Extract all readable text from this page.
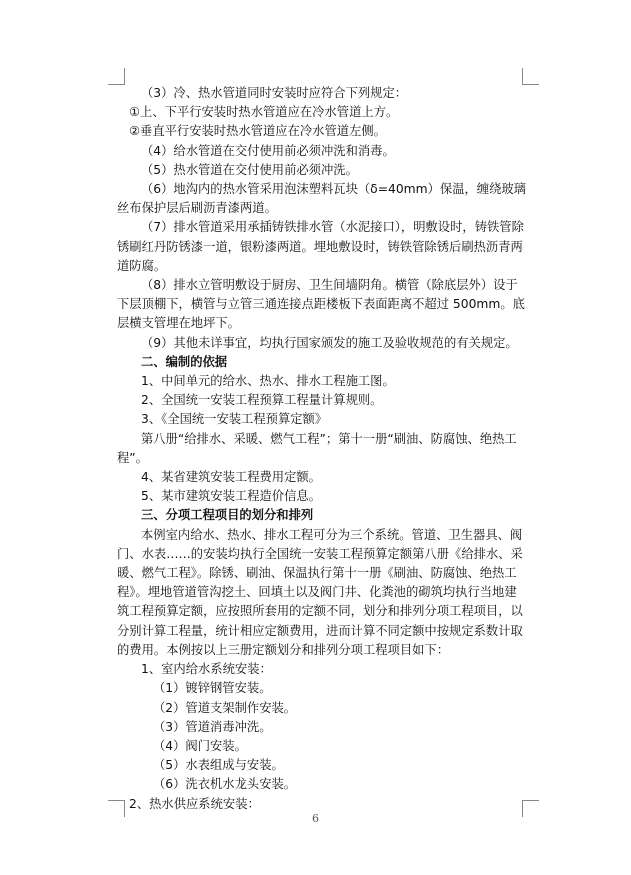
（3）冷、热水管道同时安装时应符合下列规定：

①上、下平行安装时热水管道应在冷水管道上方。

②垂直平行安装时热水管道应在冷水管道左侧。

（4）给水管道在交付使用前必须冲洗和消毒。

（5）热水管道在交付使用前必须冲洗。

（6）地沟内的热水管采用泡沫塑料瓦块（δ=40mm）保温，缠绕玻璃丝布保护层后刷沥青漆两道。

（7）排水管道采用承插铸铁排水管（水泥接口），明敷设时，铸铁管除锈刷红丹防锈漆一道，银粉漆两道。埋地敷设时，铸铁管除锈后刷热沥青两道防腐。

（8）排水立管明敷设于厨房、卫生间墙阴角。横管（除底层外）设于下层顶棚下，横管与立管三通连接点距楼板下表面距离不超过 500mm。底层横支管埋在地坪下。

（9）其他未详事宜，均执行国家颁发的施工及验收规范的有关规定。

二、编制的依据

1、中间单元的给水、热水、排水工程施工图。

2、全国统一安装工程预算工程量计算规则。

3、《全国统一安装工程预算定额》

第八册“给排水、采暖、燃气工程”；第十一册“刷油、防腐蚀、绝热工程”。

4、某省建筑安装工程费用定额。

5、某市建筑安装工程造价信息。

三、分项工程项目的划分和排列

本例室内给水、热水、排水工程可分为三个系统。管道、卫生器具、阀门、水表……的安装均执行全国统一安装工程预算定额第八册《给排水、采暖、燃气工程》。除锈、刷油、保温执行第十一册《刷油、防腐蚀、绝热工程》。埋地管道管沟挖土、回填土以及阀门井、化粪池的砌筑均执行当地建筑工程预算定额，应按照所套用的定额不同，划分和排列分项工程项目，以分别计算工程量，统计相应定额费用，进而计算不同定额中按规定系数计取的费用。本例按以上三册定额划分和排列分项工程项目如下：

1、室内给水系统安装：

（1）镀锌钢管安装。

（2）管道支架制作安装。

（3）管道消毒冲洗。

（4）阀门安装。

（5）水表组成与安装。

（6）洗衣机水龙头安装。

2、热水供应系统安装：

6
